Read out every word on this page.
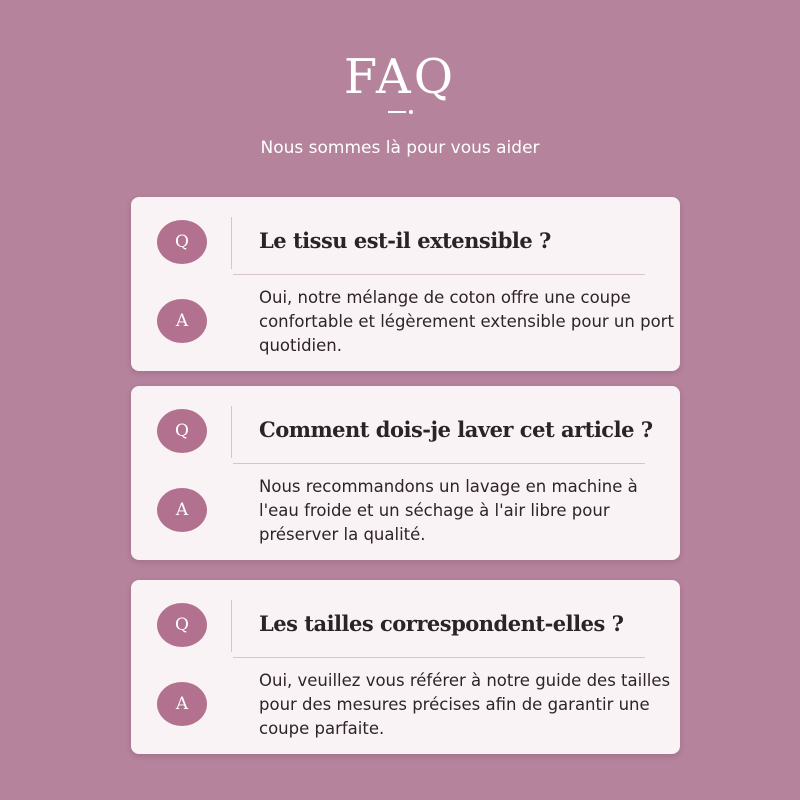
FAQ
Nous sommes là pour vous aider
Q	Le tissu est-il extensible ?
A
Oui, notre mélange de coton offre une coupe confortable et légèrement extensible pour un port quotidien.
Q	Comment dois-je laver cet article ?
A
Nous recommandons un lavage en machine à l'eau froide et un séchage à l'air libre pour préserver la qualité.
Q	Les tailles correspondent-elles ?
A
Oui, veuillez vous référer à notre guide des tailles pour des mesures précises afin de garantir une coupe parfaite.
